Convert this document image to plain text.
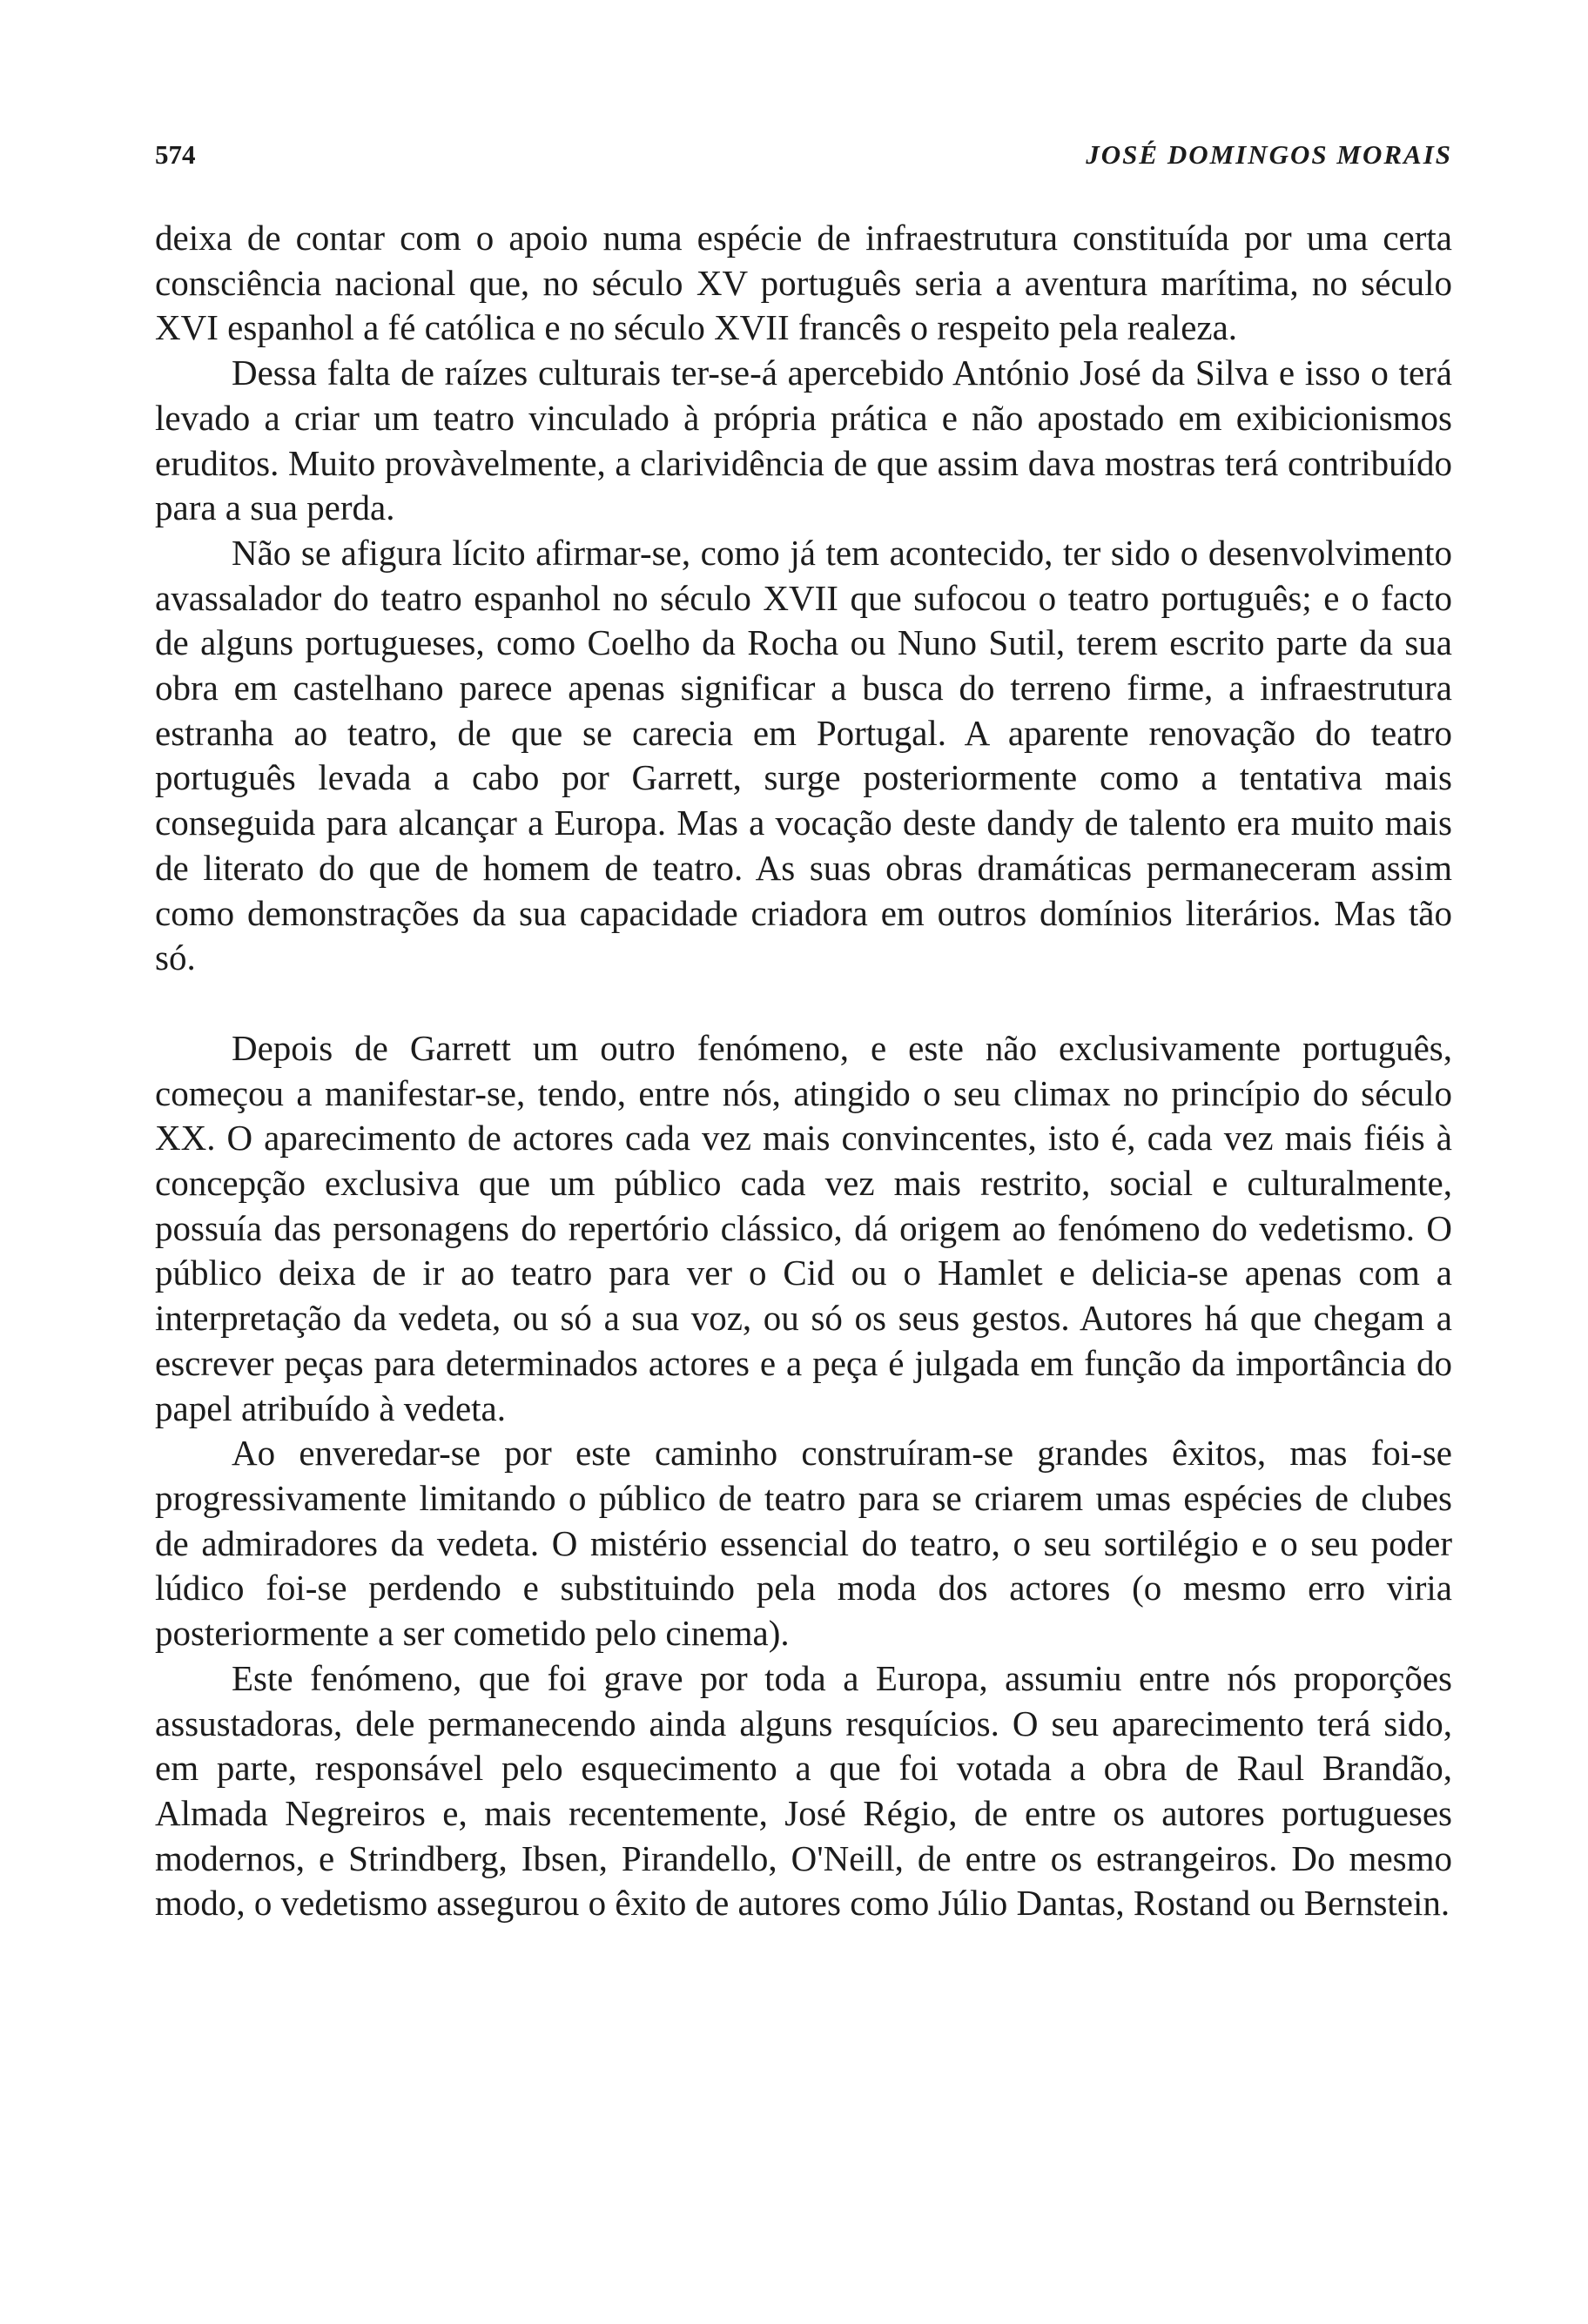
574	JOSÉ DOMINGOS MORAIS

deixa de contar com o apoio numa espécie de infraestrutura constituída por uma certa consciência nacional que, no século XV português seria a aventura marítima, no século XVI espanhol a fé católica e no século XVII francês o respeito pela realeza.

Dessa falta de raízes culturais ter-se-á apercebido António José da Silva e isso o terá levado a criar um teatro vinculado à própria prática e não apostado em exibicionismos eruditos. Muito provàvelmente, a clarividência de que assim dava mostras terá contribuído para a sua perda.

Não se afigura lícito afirmar-se, como já tem acontecido, ter sido o desenvolvimento avassalador do teatro espanhol no século XVII que sufocou o teatro português; e o facto de alguns portugueses, como Coelho da Rocha ou Nuno Sutil, terem escrito parte da sua obra em castelhano parece apenas significar a busca do terreno firme, a infraestrutura estranha ao teatro, de que se carecia em Portugal. A aparente renovação do teatro português levada a cabo por Garrett, surge posteriormente como a tentativa mais conseguida para alcançar a Europa. Mas a vocação deste dandy de talento era muito mais de literato do que de homem de teatro. As suas obras dramáticas permaneceram assim como demonstrações da sua capacidade criadora em outros domínios literários. Mas tão só.

Depois de Garrett um outro fenómeno, e este não exclusivamente português, começou a manifestar-se, tendo, entre nós, atingido o seu climax no princípio do século XX. O aparecimento de actores cada vez mais convincentes, isto é, cada vez mais fiéis à concepção exclusiva que um público cada vez mais restrito, social e culturalmente, possuía das personagens do repertório clássico, dá origem ao fenómeno do vedetismo. O público deixa de ir ao teatro para ver o Cid ou o Hamlet e delicia-se apenas com a interpretação da vedeta, ou só a sua voz, ou só os seus gestos. Autores há que chegam a escrever peças para determinados actores e a peça é julgada em função da importância do papel atribuído à vedeta.

Ao enveredar-se por este caminho construíram-se grandes êxitos, mas foi-se progressivamente limitando o público de teatro para se criarem umas espécies de clubes de admiradores da vedeta. O mistério essencial do teatro, o seu sortilégio e o seu poder lúdico foi-se perdendo e substituindo pela moda dos actores (o mesmo erro viria posteriormente a ser cometido pelo cinema).

Este fenómeno, que foi grave por toda a Europa, assumiu entre nós proporções assustadoras, dele permanecendo ainda alguns resquícios. O seu aparecimento terá sido, em parte, responsável pelo esquecimento a que foi votada a obra de Raul Brandão, Almada Negreiros e, mais recentemente, José Régio, de entre os autores portugueses modernos, e Strindberg, Ibsen, Pirandello, O'Neill, de entre os estrangeiros. Do mesmo modo, o vedetismo assegurou o êxito de autores como Júlio Dantas, Rostand ou Bernstein.
